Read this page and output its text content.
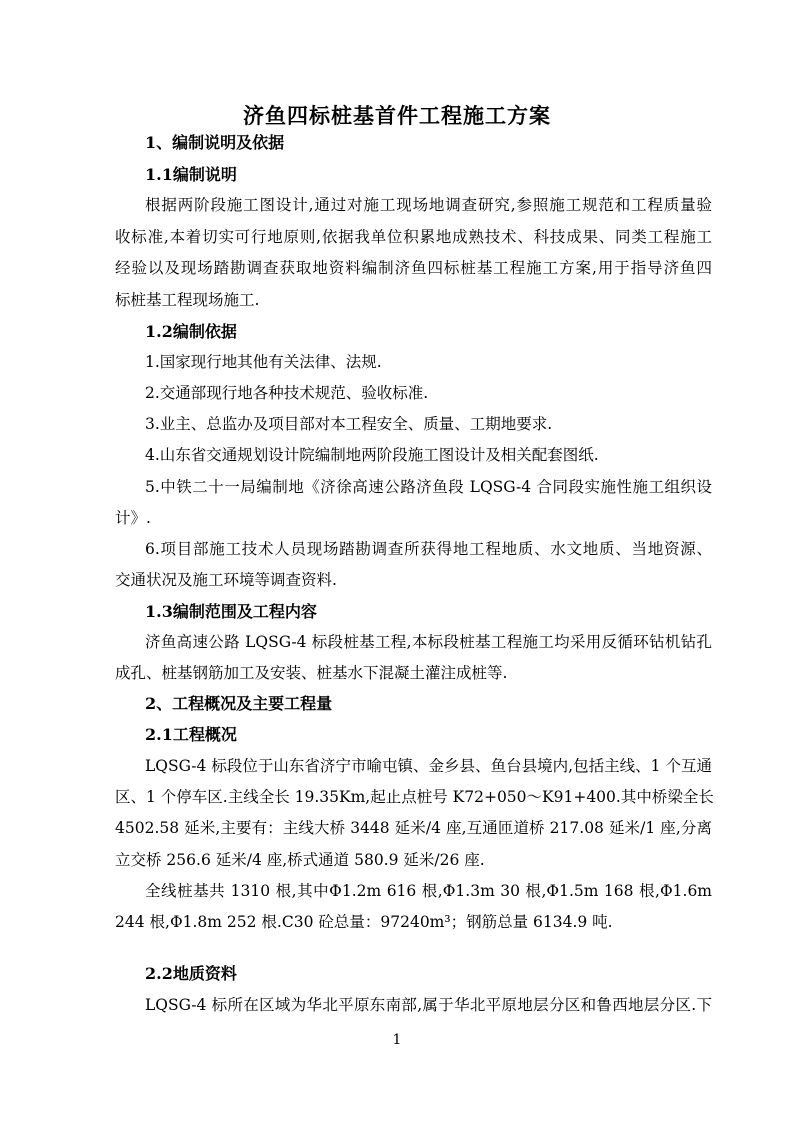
济鱼四标桩基首件工程施工方案
1、编制说明及依据
1.1编制说明
根据两阶段施工图设计,通过对施工现场地调查研究,参照施工规范和工程质量验
收标准,本着切实可行地原则,依据我单位积累地成熟技术、科技成果、同类工程施工
经验以及现场踏勘调查获取地资料编制济鱼四标桩基工程施工方案,用于指导济鱼四
标桩基工程现场施工.
1.2编制依据
1.国家现行地其他有关法律、法规.
2.交通部现行地各种技术规范、验收标准.
3.业主、总监办及项目部对本工程安全、质量、工期地要求.
4.山东省交通规划设计院编制地两阶段施工图设计及相关配套图纸.
5.中铁二十一局编制地《济徐高速公路济鱼段 LQSG-4 合同段实施性施工组织设
计》.
6.项目部施工技术人员现场踏勘调查所获得地工程地质、水文地质、当地资源、
交通状况及施工环境等调查资料.
1.3编制范围及工程内容
济鱼高速公路 LQSG-4 标段桩基工程,本标段桩基工程施工均采用反循环钻机钻孔
成孔、桩基钢筋加工及安装、桩基水下混凝土灌注成桩等.
2、工程概况及主要工程量
2.1工程概况
LQSG-4 标段位于山东省济宁市喻屯镇、金乡县、鱼台县境内,包括主线、1 个互通
区、1 个停车区.主线全长 19.35Km,起止点桩号 K72+050～K91+400.其中桥梁全长
4502.58 延米,主要有：主线大桥 3448 延米/4 座,互通匝道桥 217.08 延米/1 座,分离
立交桥 256.6 延米/4 座,桥式通道 580.9 延米/26 座.
全线桩基共 1310 根,其中Φ1.2m 616 根,Φ1.3m 30 根,Φ1.5m 168 根,Φ1.6m
244 根,Φ1.8m 252 根.C30 砼总量：97240m³；钢筋总量 6134.9 吨.
2.2地质资料
LQSG-4 标所在区域为华北平原东南部,属于华北平原地层分区和鲁西地层分区.下
1
